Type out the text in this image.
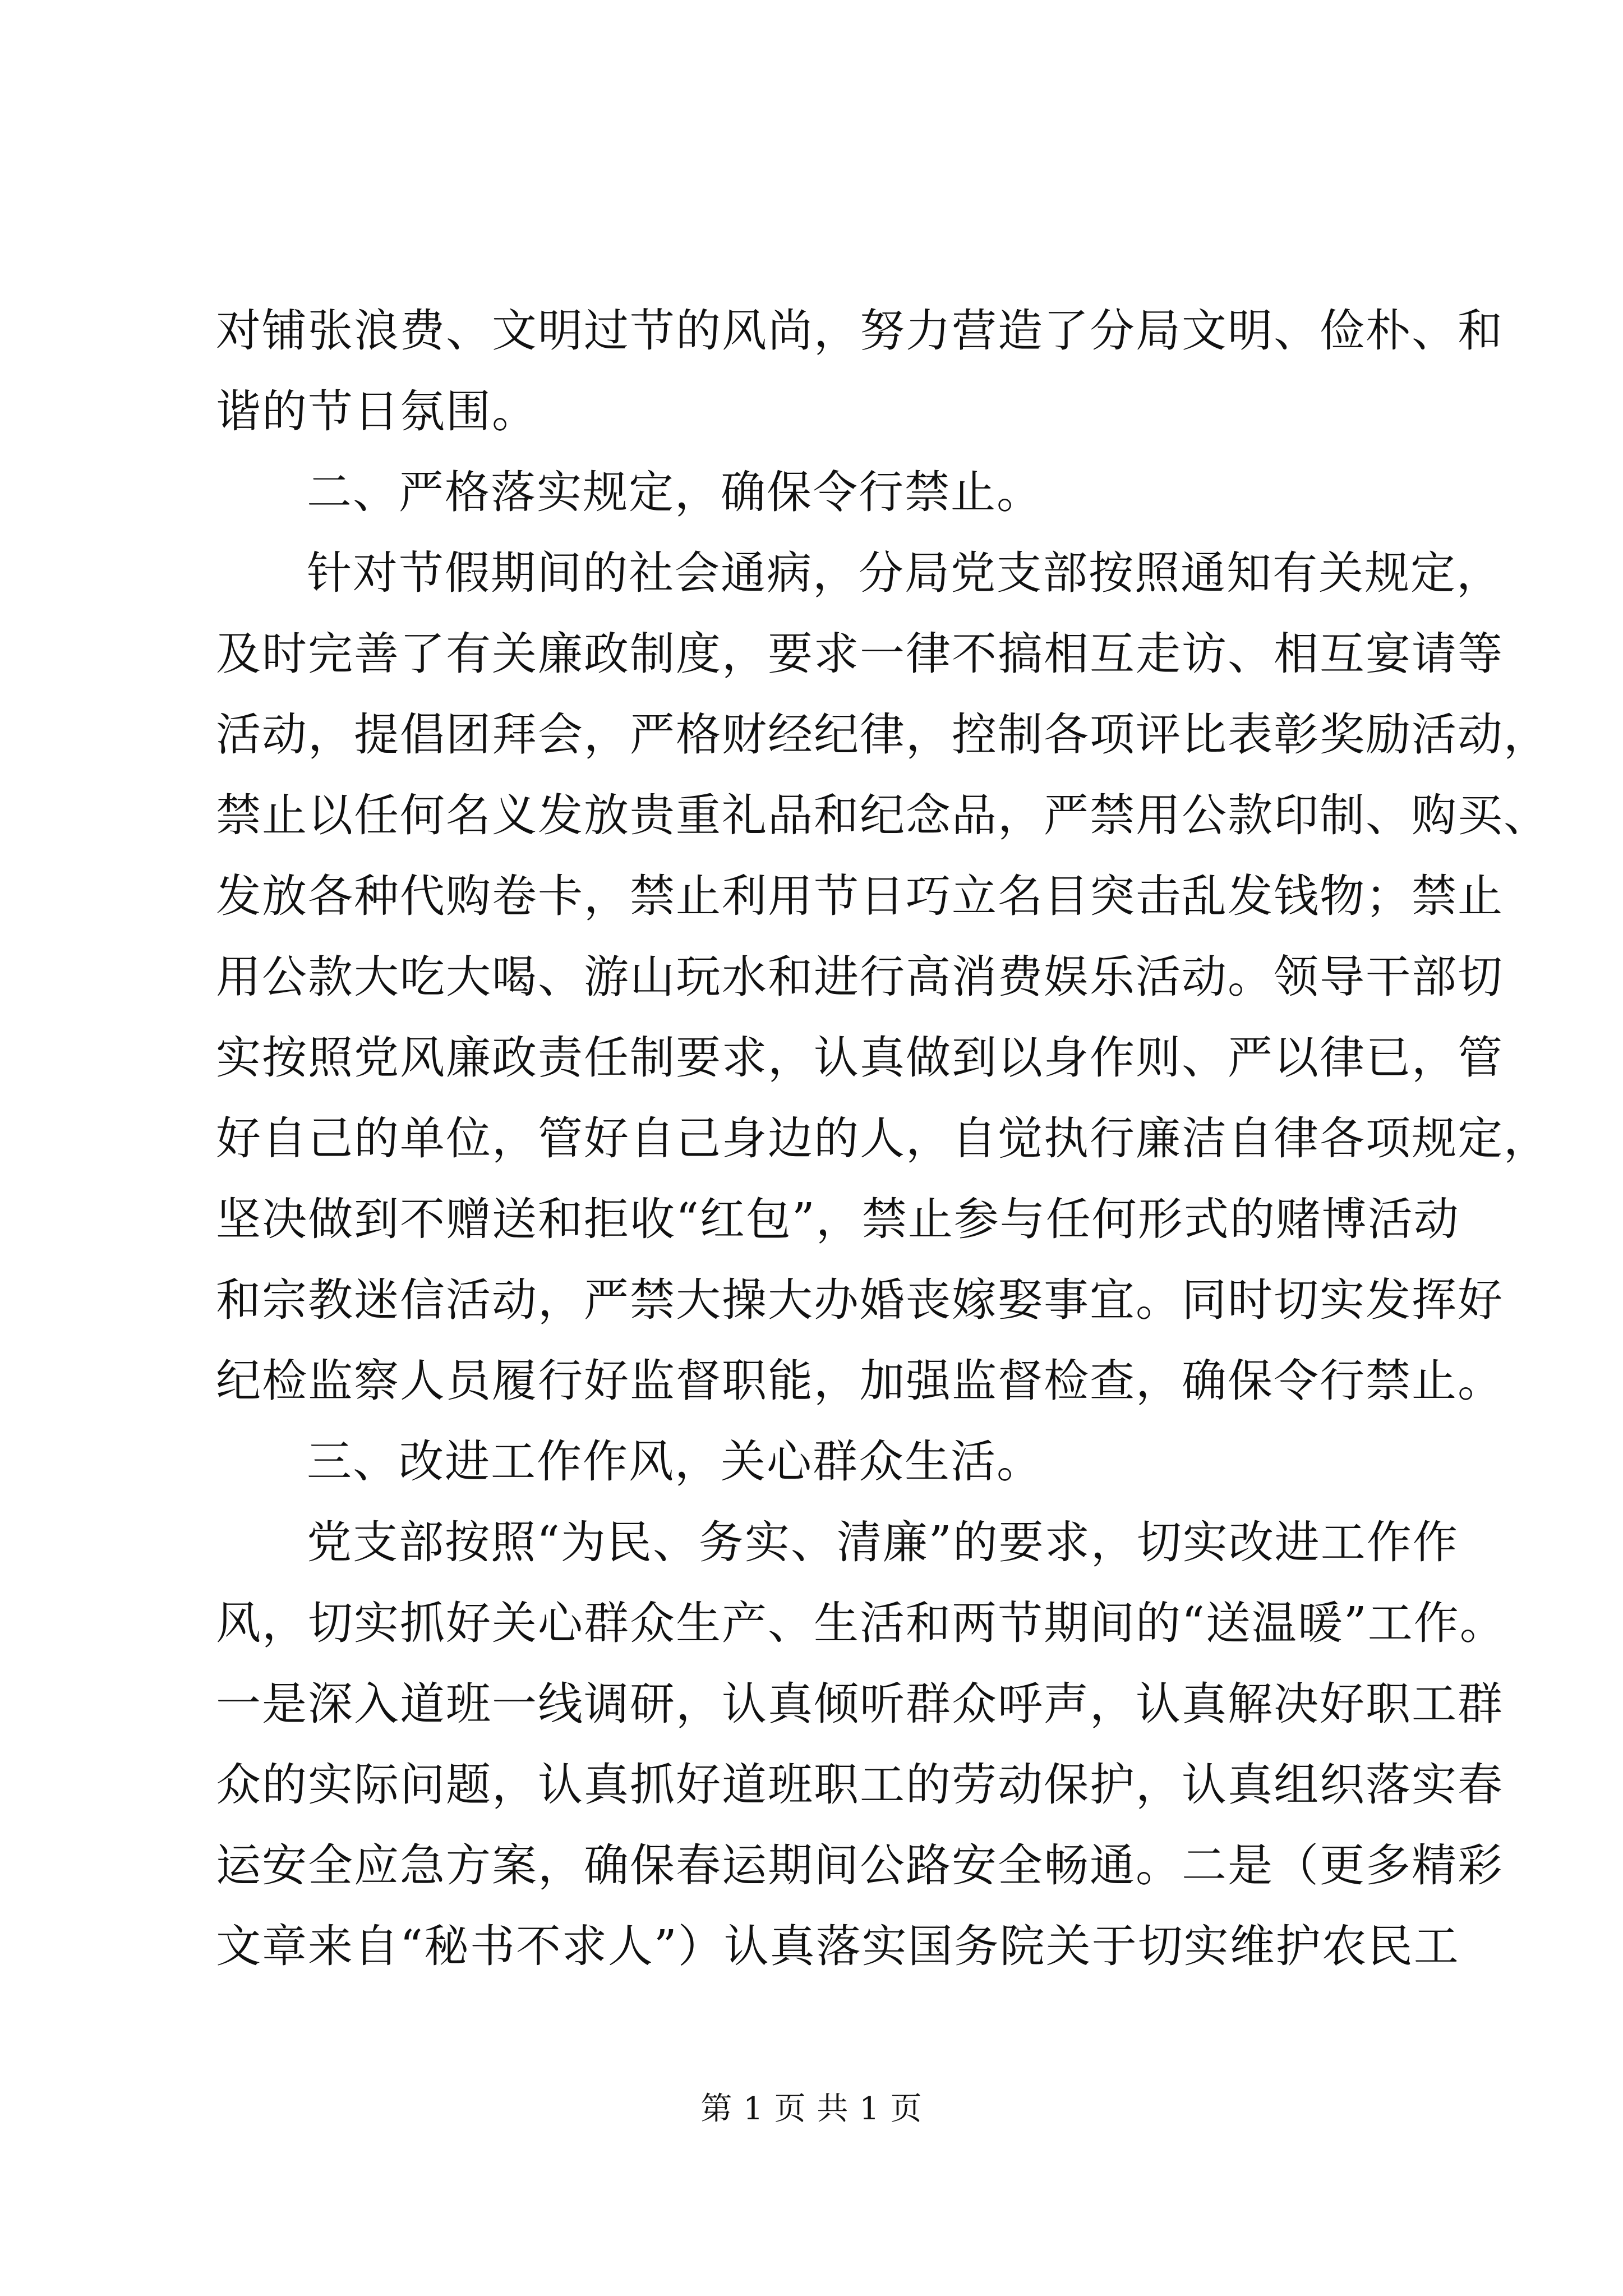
对铺张浪费、文明过节的风尚，努力营造了分局文明、俭朴、和
谐的节日氛围。
二、严格落实规定，确保令行禁止。
针对节假期间的社会通病，分局党支部按照通知有关规定，
及时完善了有关廉政制度，要求一律不搞相互走访、相互宴请等
活动，提倡团拜会，严格财经纪律，控制各项评比表彰奖励活动，
禁止以任何名义发放贵重礼品和纪念品，严禁用公款印制、购买、
发放各种代购卷卡，禁止利用节日巧立名目突击乱发钱物；禁止
用公款大吃大喝、游山玩水和进行高消费娱乐活动。领导干部切
实按照党风廉政责任制要求，认真做到以身作则、严以律已，管
好自己的单位，管好自己身边的人，自觉执行廉洁自律各项规定，
坚决做到不赠送和拒收“红包”，禁止参与任何形式的赌博活动
和宗教迷信活动，严禁大操大办婚丧嫁娶事宜。同时切实发挥好
纪检监察人员履行好监督职能，加强监督检查，确保令行禁止。
三、改进工作作风，关心群众生活。
党支部按照“为民、务实、清廉”的要求，切实改进工作作
风，切实抓好关心群众生产、生活和两节期间的“送温暖”工作。
一是深入道班一线调研，认真倾听群众呼声，认真解决好职工群
众的实际问题，认真抓好道班职工的劳动保护，认真组织落实春
运安全应急方案，确保春运期间公路安全畅通。二是（更多精彩
文章来自“秘书不求人”）认真落实国务院关于切实维护农民工
第 1 页 共 1 页
